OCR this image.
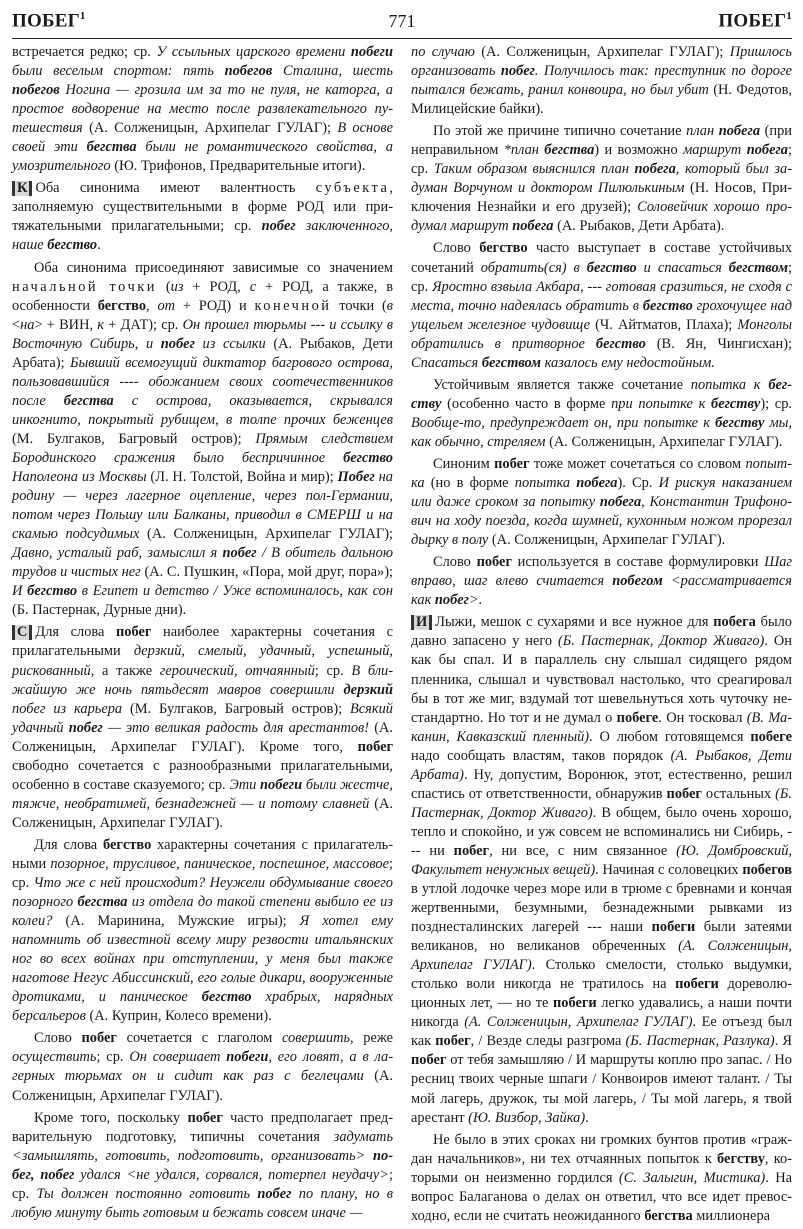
ПОБЕГ$^1$	771	ПОБЕГ$^1$

встречается редко; ср. У ссыльных царского времени побеги были веселым спортом: пять побегов Сталина, шесть побегов Ногина — грозила им за то не пуля, не каторга, а простое водворение на место после развлекательного путешествия (А. Солженицын, Архипелаг ГУЛАГ); В основе своей эти бегства были не романтического свойства, а умозрительного (Ю. Трифонов, Предварительные итоги).

К Оба синонима имеют валентность субъекта, заполняемую существительными в форме РОД или притяжательными прилагательными; ср. побег заключенного, наше бегство.

Оба синонима присоединяют зависимые со значением начальной точки (из + РОД, с + РОД, а также, в особенности бегство, от + РОД) и конечной точки (в <на> + ВИН, к + ДАТ); ср. Он прошел тюрьмы --- и ссылку в Восточную Сибирь, и побег из ссылки (А. Рыбаков, Дети Арбата); Бывший всемогущий диктатор багрового острова, пользовавшийся ---- обожанием своих соотечественников после бегства с острова, оказывается, скрывался инкогнито, покрытый рубищем, в толпе прочих беженцев (М. Булгаков, Багровый остров); Прямым следствием Бородинского сражения было беспричинное бегство Наполеона из Москвы (Л. Н. Толстой, Война и мир); Побег на родину — через лагерное оцепление, через пол-Германии, потом через Польшу или Балканы, приводил в СМЕРШ и на скамью подсудимых (А. Солженицын, Архипелаг ГУЛАГ); Давно, усталый раб, замыслил я побег / В обитель дальною трудов и чистых нег (А. С. Пушкин, «Пора, мой друг, пора»); И бегство в Египет и детство / Уже вспоминалось, как сон (Б. Пастернак, Дурные дни).

С Для слова побег наиболее характерны сочетания с прилагательными дерзкий, смелый, удачный, успешный, рискованный, а также героический, отчаянный; ср. В ближайшую же ночь пятьдесят мавров совершили дерзкий побег из карьера (М. Булгаков, Багровый остров); Всякий удачный побег — это великая радость для арестантов! (А. Солженицын, Архипелаг ГУЛАГ). Кроме того, побег свободно сочетается с разнообразными прилагательными, особенно в составе сказуемого; ср. Эти побеги были жестче, тяжче, необратимей, безнадежней — и потому славней (А. Солженицын, Архипелаг ГУЛАГ).

Для слова бегство характерны сочетания с прилагательными позорное, трусливое, паническое, поспешное, массовое; ср. Что же с ней происходит? Неужели обдумывание своего позорного бегства из отдела до такой степени выбило ее из колеи? (А. Маринина, Мужские игры); Я хотел ему напомнить об известной всему миру резвости итальянских ног во всех войнах при отступлении, у меня был также наготове Негус Абиссинский, его голые дикари, вооруженные дротиками, и паническое бегство храбрых, нарядных берсальеров (А. Куприн, Колесо времени).

Слово побег сочетается с глаголом совершить, реже осуществить; ср. Он совершает побеги, его ловят, а в лагерных тюрьмах он и сидит как раз с беглецами (А. Солженицын, Архипелаг ГУЛАГ).

Кроме того, поскольку побег часто предполагает предварительную подготовку, типичны сочетания задумать <замышлять, готовить, подготовить, организовать> побег, побег удался <не удался, сорвался, потерпел неудачу>; ср. Ты должен постоянно готовить побег по плану, но в любую минуту быть готовым и бежать совсем иначе —

по случаю (А. Солженицын, Архипелаг ГУЛАГ); Пришлось организовать побег. Получилось так: преступник по дороге пытался бежать, ранил конвоира, но был убит (Н. Федотов, Милицейские байки).

По этой же причине типично сочетание план побега (при неправильном *план бегства) и возможно маршрут побега; ср. Таким образом выяснился план побега, который был задуман Ворчуном и доктором Пилюлькиным (Н. Носов, Приключения Незнайки и его друзей); Соловейчик хорошо продумал маршрут побега (А. Рыбаков, Дети Арбата).

Слово бегство часто выступает в составе устойчивых сочетаний обратить(ся) в бегство и спасаться бегством; ср. Яростно взвыла Акбара, --- готовая сразиться, не сходя с места, точно надеялась обратить в бегство грохочущее над ущельем железное чудовище (Ч. Айтматов, Плаха); Монголы обратились в притворное бегство (В. Ян, Чингисхан); Спасаться бегством казалось ему недостойным.

Устойчивым является также сочетание попытка к бегству (особенно часто в форме при попытке к бегству); ср. Вообще-то, предупреждает он, при попытке к бегству мы, как обычно, стреляем (А. Солженицын, Архипелаг ГУЛАГ).

Синоним побег тоже может сочетаться со словом попытка (но в форме попытка побега). Ср. И рискуя наказанием или даже сроком за попытку побега, Константин Трифонович на ходу поезда, когда шумней, кухонным ножом прорезал дырку в полу (А. Солженицын, Архипелаг ГУЛАГ).

Слово побег используется в составе формулировки Шаг вправо, шаг влево считается побегом <рассматривается как побег>.

И Лыжи, мешок с сухарями и все нужное для побега было давно запасено у него (Б. Пастернак, Доктор Живаго). Он как бы спал. И в параллель сну слышал сидящего рядом пленника, слышал и чувствовал настолько, что среагировал бы в тот же миг, вздумай тот шевельнуться хоть чуточку нестандартно. Но тот и не думал о побеге. Он тосковал (В. Маканин, Кавказский пленный). О любом готовящемся побеге надо сообщать властям, таков порядок (А. Рыбаков, Дети Арбата). Ну, допустим, Воронюк, этот, естественно, решил спастись от ответственности, обнаружив побег остальных (Б. Пастернак, Доктор Живаго). В общем, было очень хорошо, тепло и спокойно, и уж совсем не вспоминались ни Сибирь, --- ни побег, ни все, с ним связанное (Ю. Домбровский, Факультет ненужных вещей). Начиная с соловецких побегов в утлой лодочке через море или в трюме с бревнами и кончая жертвенными, безумными, безнадежными рывками из позднесталинских лагерей --- наши побеги были затеями великанов, но великанов обреченных (А. Солженицын, Архипелаг ГУЛАГ). Столько смелости, столько выдумки, столько воли никогда не тратилось на побеги дореволюционных лет, — но те побеги легко удавались, а наши почти никогда (А. Солженицын, Архипелаг ГУЛАГ). Ее отъезд был как побег, / Везде следы разгрома (Б. Пастернак, Разлука). Я побег от тебя замышляю / И маршруты коплю про запас. / Но ресниц твоих черные шпаги / Конвоиров имеют талант. / Ты мой лагерь, дружок, ты мой лагерь, / Ты мой лагерь, я твой арестант (Ю. Визбор, Зайка).

Не было в этих сроках ни громких бунтов против «граждан начальников», ни тех отчаянных попыток к бегству, которыми он неизменно гордился (С. Залыгин, Мистика). На вопрос Балаганова о делах он ответил, что все идет превосходно, если не считать неожиданного бегства миллионера
